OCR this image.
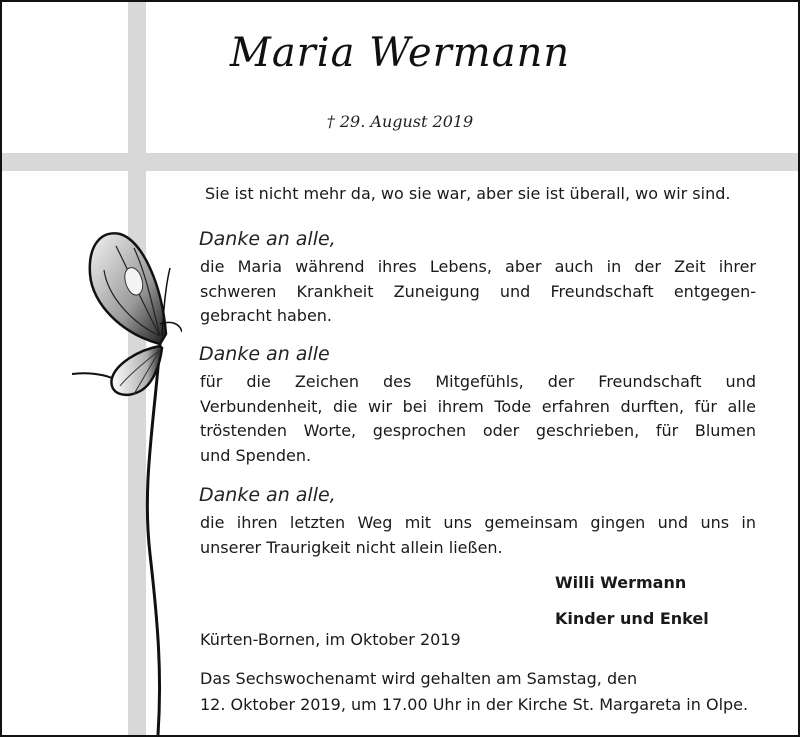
Maria Wermann
† 29. August 2019
Sie ist nicht mehr da, wo sie war, aber sie ist überall, wo wir sind.
Danke an alle,
die Maria während ihres Lebens, aber auch in der Zeit ihrer
schweren Krankheit Zuneigung und Freundschaft entgegen-
gebracht haben.
Danke an alle
für die Zeichen des Mitgefühls, der Freundschaft und
Verbundenheit, die wir bei ihrem Tode erfahren durften, für alle
tröstenden Worte, gesprochen oder geschrieben, für Blumen
und Spenden.
Danke an alle,
die ihren letzten Weg mit uns gemeinsam gingen und uns in
unserer Traurigkeit nicht allein ließen.
Willi Wermann
Kinder und Enkel
Kürten-Bornen, im Oktober 2019
Das Sechswochenamt wird gehalten am Samstag, den
12. Oktober 2019, um 17.00 Uhr in der Kirche St. Margareta in Olpe.
